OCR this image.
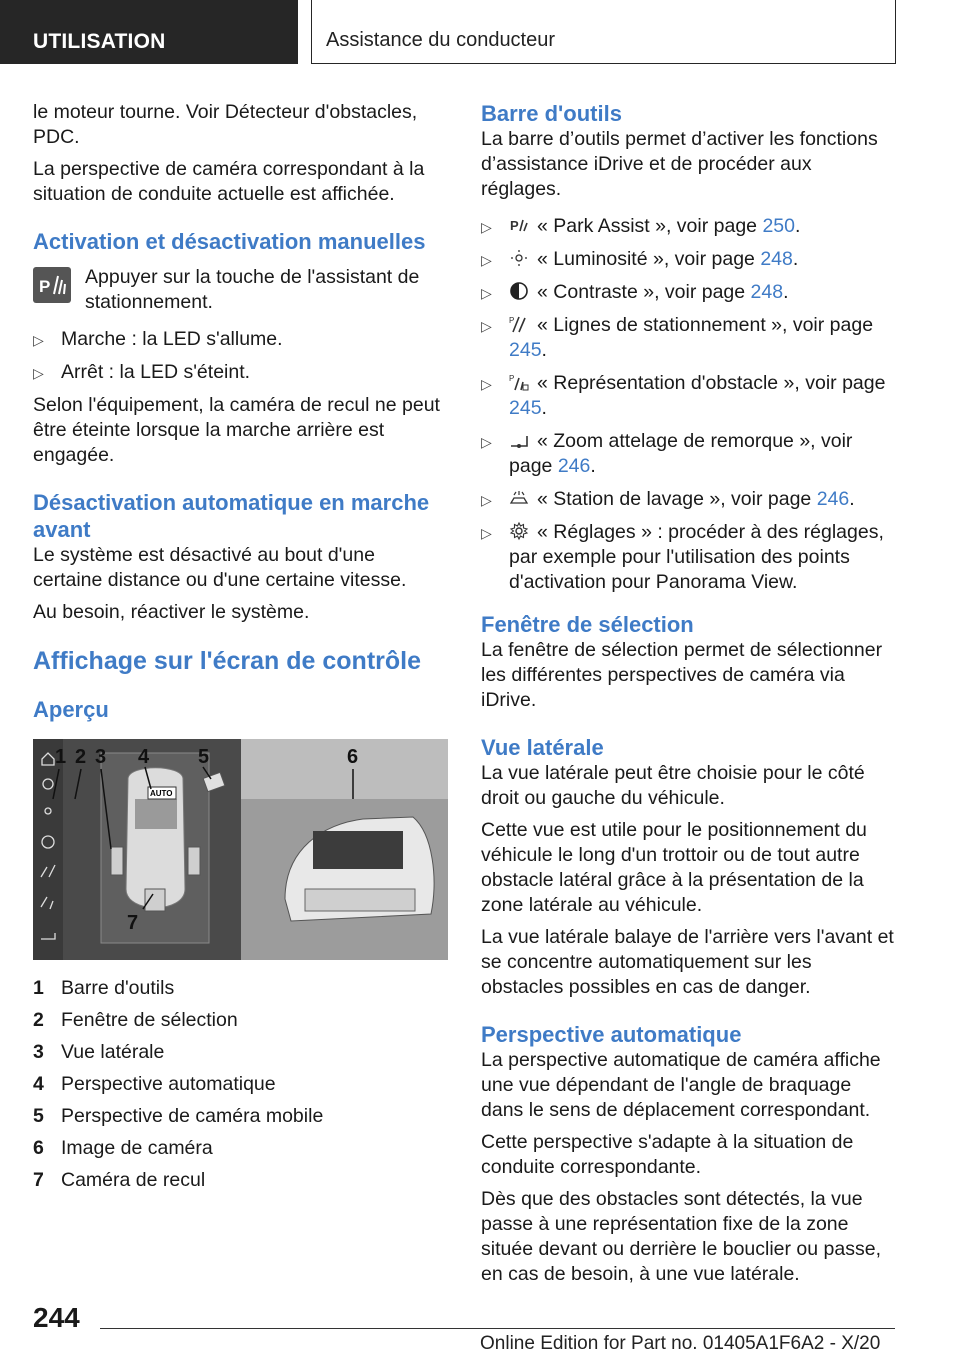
UTILISATION	Assistance du conducteur

le moteur tourne. Voir Détecteur d'obstacles, PDC.

La perspective de caméra correspondant à la situation de conduite actuelle est affichée.

Activation et désactivation manuelles
P Appuyer sur la touche de l'assistant de stationnement.
▷ Marche : la LED s'allume.
▷ Arrêt : la LED s'éteint.

Selon l'équipement, la caméra de recul ne peut être éteinte lorsque la marche arrière est engagée.

Désactivation automatique en marche avant

Le système est désactivé au bout d'une certaine distance ou d'une certaine vitesse.

Au besoin, réactiver le système.

Affichage sur l'écran de contrôle
Aperçu
AUTO
1 2 3 4 5	6
7
1 Barre d'outils
2 Fenêtre de sélection
3 Vue latérale
4 Perspective automatique
5 Perspective de caméra mobile
6 Image de caméra
7 Caméra de recul
Barre d'outils

La barre d’outils permet d’activer les fonctions d’assistance iDrive et de procéder aux réglages.

▷ P « Park Assist », voir page 250.
▷ « Luminosité », voir page 248.
▷ « Contraste », voir page 248.
▷ P « Lignes de stationnement », voir page 245.
▷ P « Représentation d'obstacle », voir page 245.
▷ « Zoom attelage de remorque », voir page 246.
▷ « Station de lavage », voir page 246.
▷ « Réglages » : procéder à des réglages, par exemple pour l'utilisation des points d'activation pour Panorama View.
Fenêtre de sélection

La fenêtre de sélection permet de sélectionner les différentes perspectives de caméra via iDrive.

Vue latérale

La vue latérale peut être choisie pour le côté droit ou gauche du véhicule.

Cette vue est utile pour le positionnement du véhicule le long d'un trottoir ou de tout autre obstacle latéral grâce à la présentation de la zone latérale au véhicule.

La vue latérale balaye de l'arrière vers l'avant et se concentre automatiquement sur les obstacles possibles en cas de danger.

Perspective automatique

La perspective automatique de caméra affiche une vue dépendant de l'angle de braquage dans le sens de déplacement correspondant.

Cette perspective s'adapte à la situation de conduite correspondante.

Dès que des obstacles sont détectés, la vue passe à une représentation fixe de la zone située devant ou derrière le bouclier ou passe, en cas de besoin, à une vue latérale.

244
Online Edition for Part no. 01405A1F6A2 - X/20
